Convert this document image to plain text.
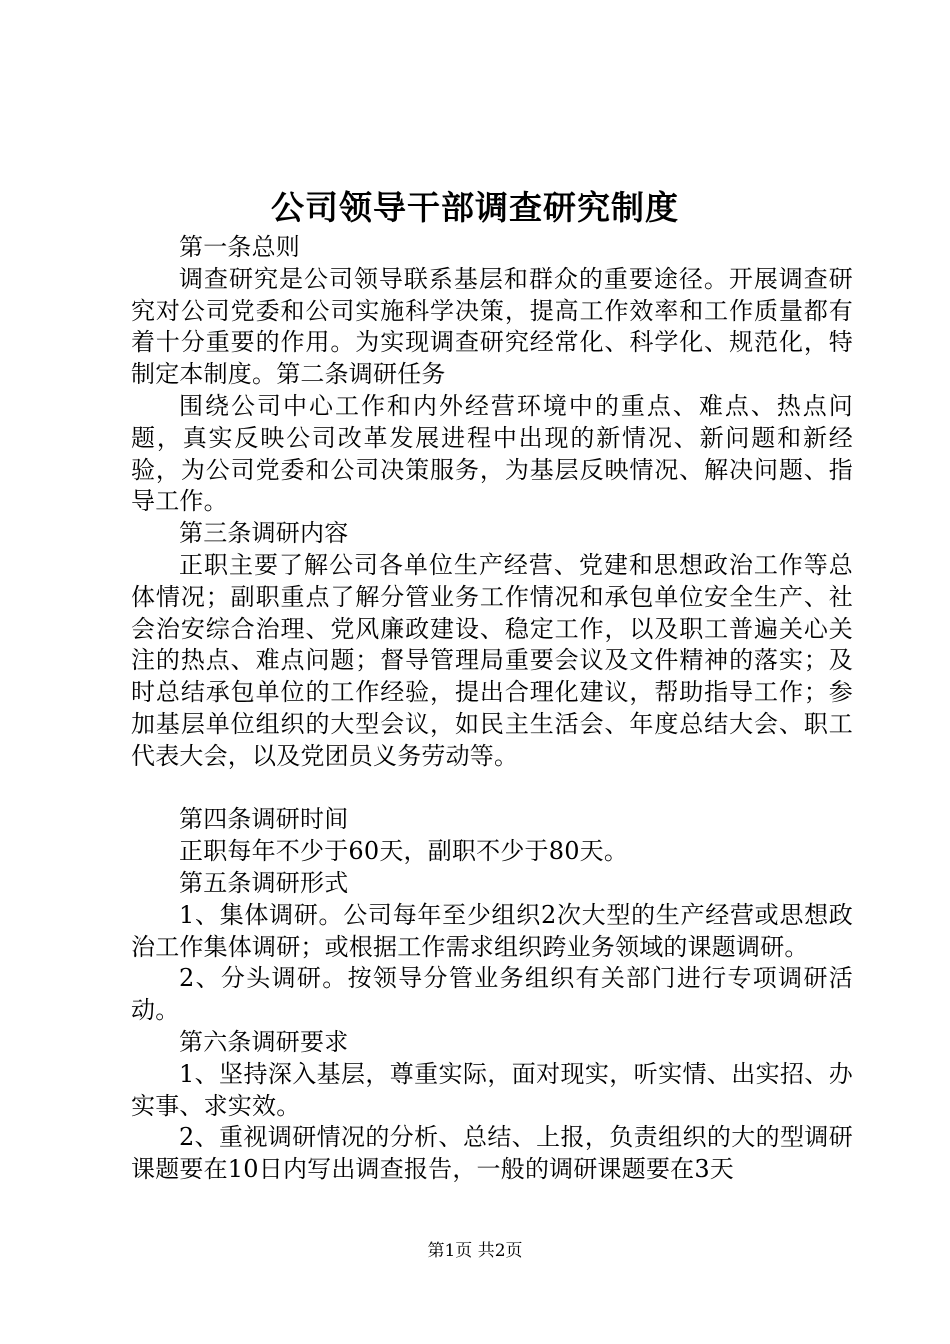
公司领导干部调查研究制度

第一条总则

调查研究是公司领导联系基层和群众的重要途径。开展调查研究对公司党委和公司实施科学决策，提高工作效率和工作质量都有着十分重要的作用。为实现调查研究经常化、科学化、规范化，特制定本制度。第二条调研任务

围绕公司中心工作和内外经营环境中的重点、难点、热点问题，真实反映公司改革发展进程中出现的新情况、新问题和新经验，为公司党委和公司决策服务，为基层反映情况、解决问题、指导工作。

第三条调研内容

正职主要了解公司各单位生产经营、党建和思想政治工作等总体情况；副职重点了解分管业务工作情况和承包单位安全生产、社会治安综合治理、党风廉政建设、稳定工作，以及职工普遍关心关注的热点、难点问题；督导管理局重要会议及文件精神的落实；及时总结承包单位的工作经验，提出合理化建议，帮助指导工作；参加基层单位组织的大型会议，如民主生活会、年度总结大会、职工代表大会，以及党团员义务劳动等。

第四条调研时间

正职每年不少于60天，副职不少于80天。

第五条调研形式

1、集体调研。公司每年至少组织2次大型的生产经营或思想政治工作集体调研；或根据工作需求组织跨业务领域的课题调研。

2、分头调研。按领导分管业务组织有关部门进行专项调研活动。

第六条调研要求

1、坚持深入基层，尊重实际，面对现实，听实情、出实招、办实事、求实效。

2、重视调研情况的分析、总结、上报，负责组织的大的型调研课题要在10日内写出调查报告，一般的调研课题要在3天

第1页 共2页
